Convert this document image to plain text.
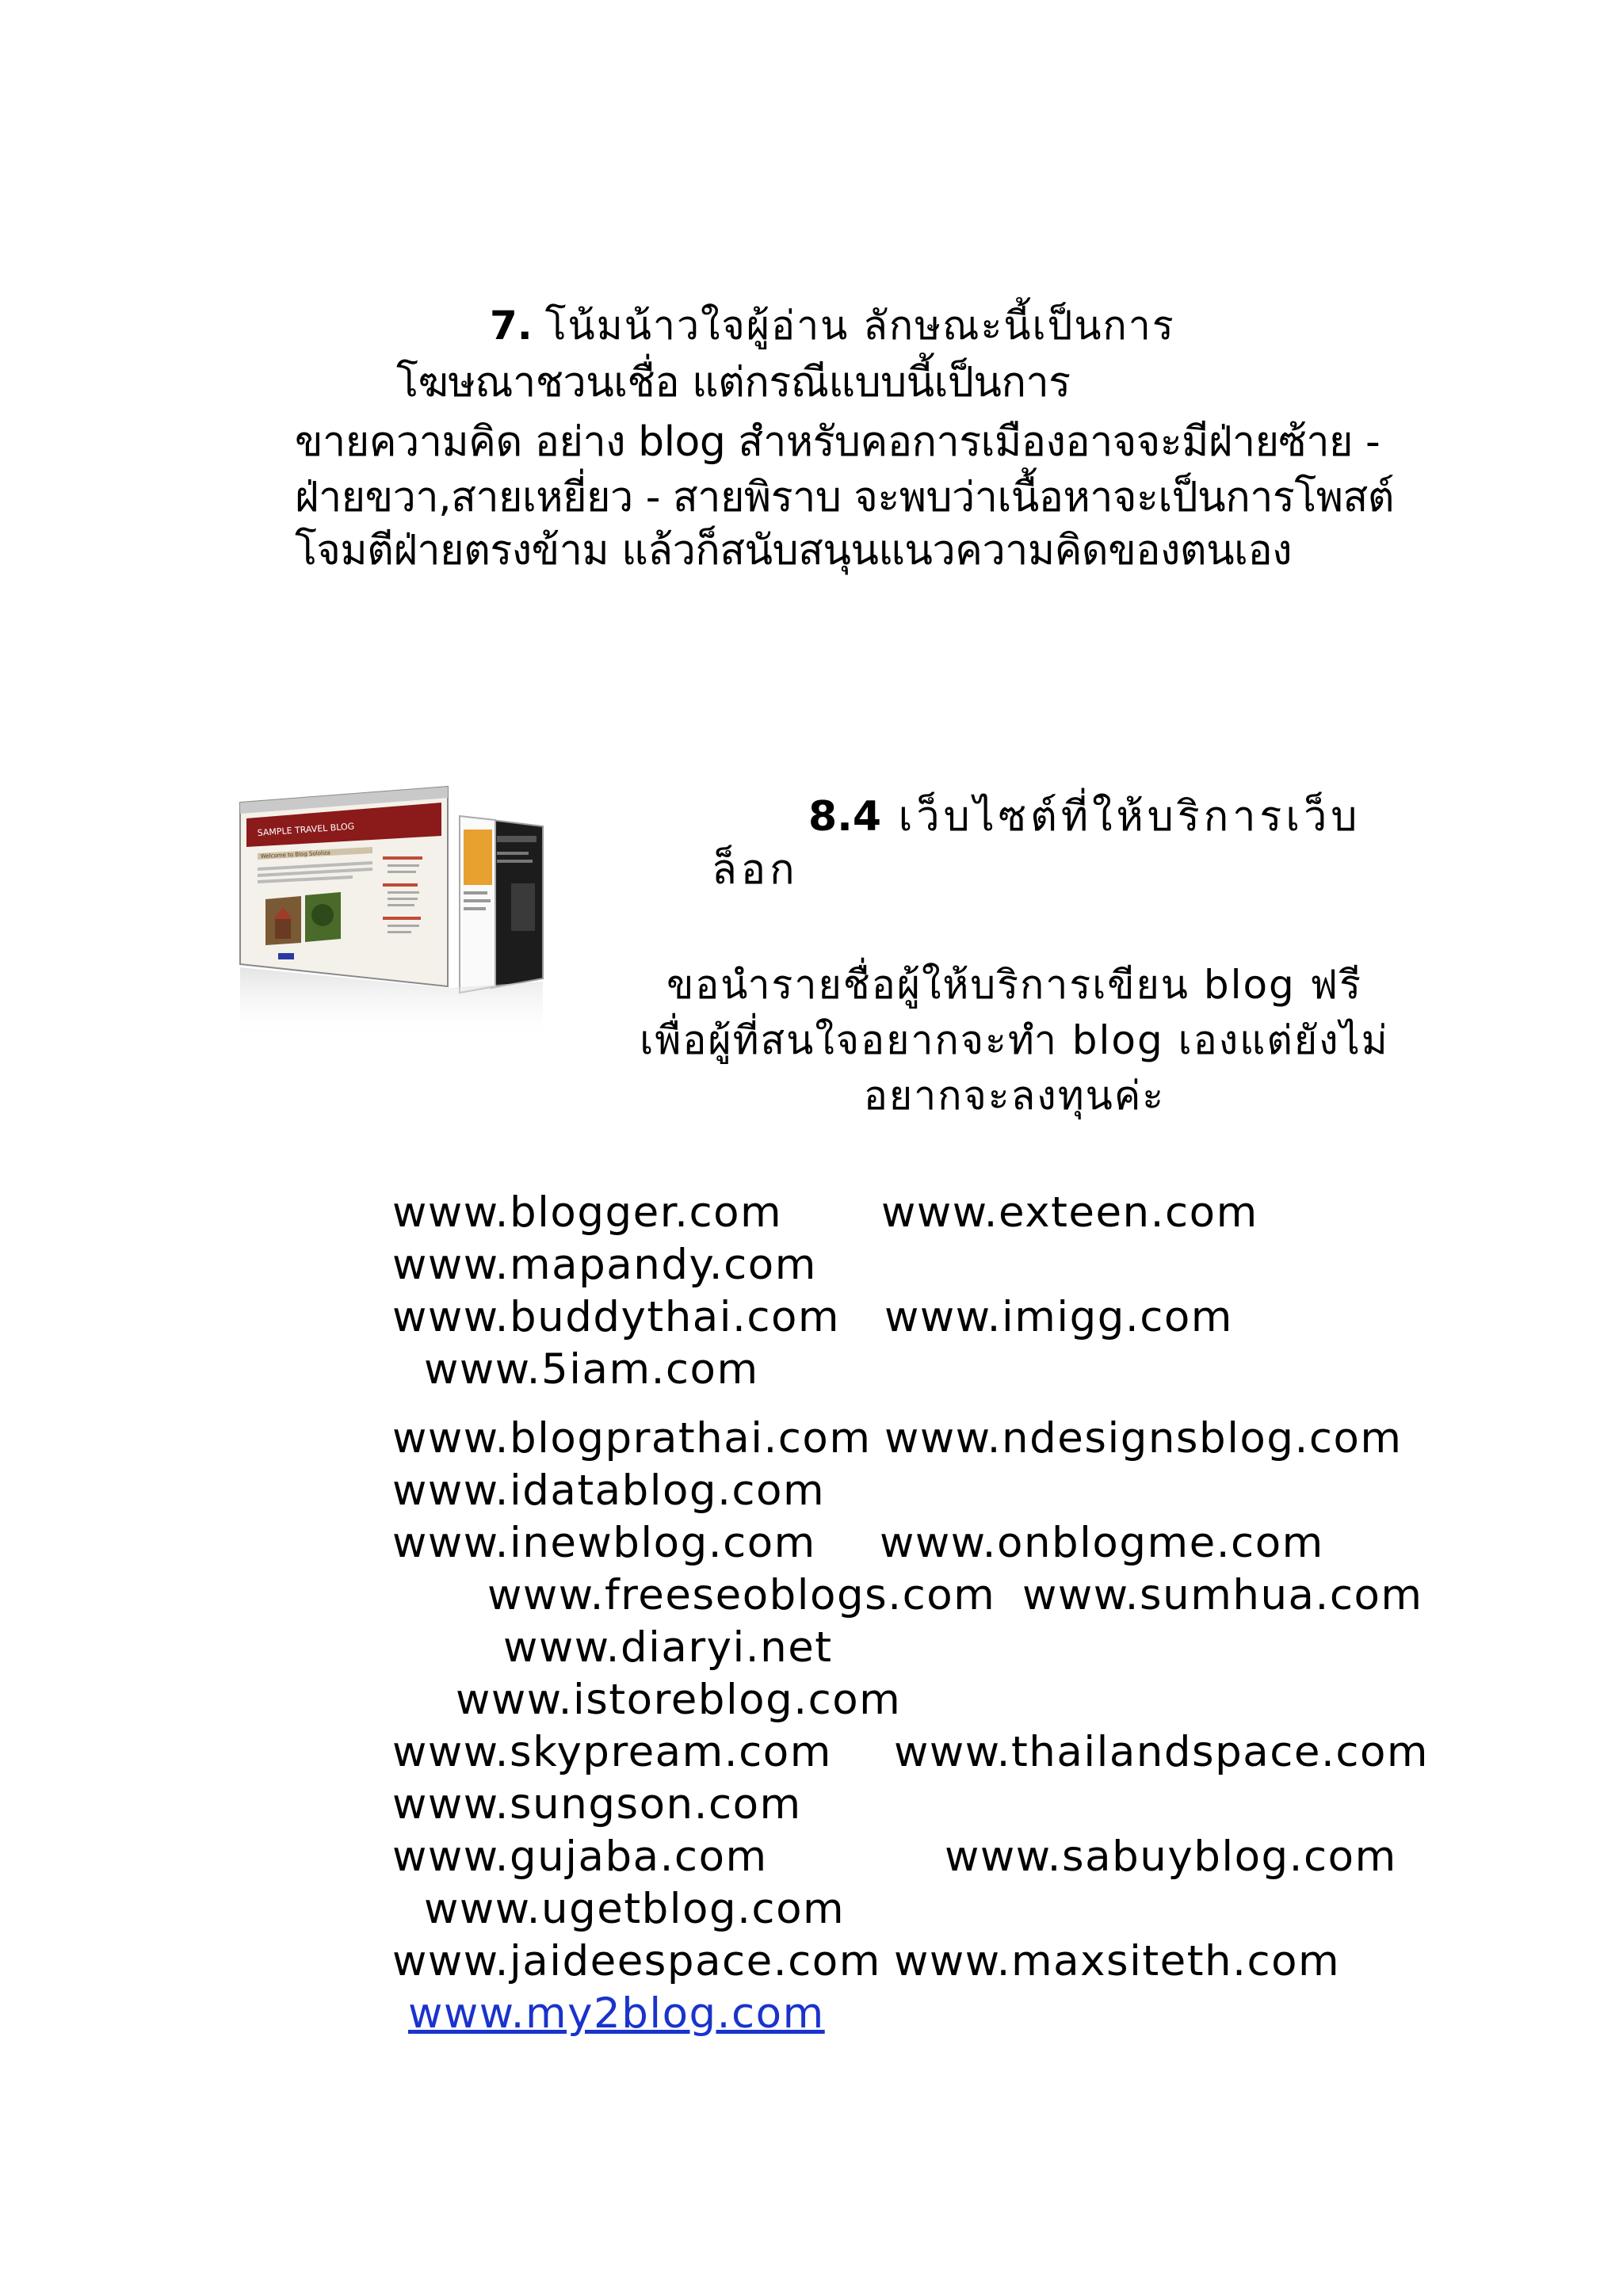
7. โน้มน้าวใจผู้อ่าน ลักษณะนี้เป็นการ
โฆษณาชวนเชื่อ แต่กรณีแบบนี้เป็นการ
ขายความคิด อย่าง blog สำหรับคอการเมืองอาจจะมีฝ่ายซ้าย -
ฝ่ายขวา,สายเหยี่ยว - สายพิราบ จะพบว่าเนื้อหาจะเป็นการโพสต์
โจมตีฝ่ายตรงข้าม แล้วก็สนับสนุนแนวความคิดของตนเอง
SAMPLE TRAVEL BLOG
Welcome to Blog Sololiza
8.4 เว็บไซต์ที่ให้บริการเว็บ
ล็อก
ขอนำรายชื่อผู้ให้บริการเขียน blog ฟรี
เพื่อผู้ที่สนใจอยากจะทำ blog เองแต่ยังไม่
อยากจะลงทุนค่ะ
www.blogger.com www.exteen.com
www.mapandy.com
www.buddythai.com www.imigg.com
www.5iam.com
www.blogprathai.com www.ndesignsblog.com
www.idatablog.com
www.inewblog.com www.onblogme.com
www.freeseoblogs.com www.sumhua.com
www.diaryi.net
www.istoreblog.com
www.skypream.com www.thailandspace.com
www.sungson.com
www.gujaba.com	www.sabuyblog.com
www.ugetblog.com
www.jaideespace.com www.maxsiteth.com
www.my2blog.com
